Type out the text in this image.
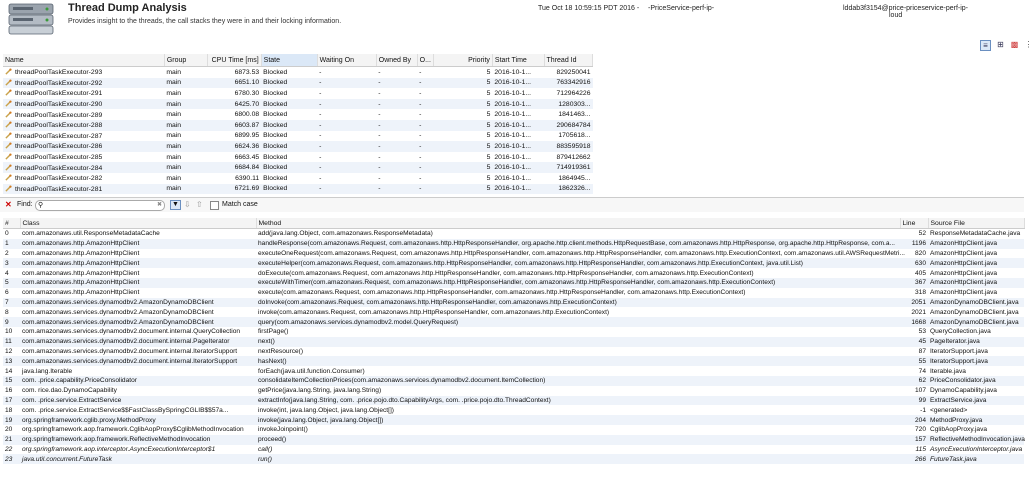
Thread Dump Analysis
Provides insight to the threads, the call stacks they were in and their locking information.
Tue Oct 18 10:59:15 PDT 2016 - -PriceService-perf-ip-	lddab3f3154@price-priceservice-perf-ip-loud
≡	⊞ ▩ ⋮
Name	Group	CPU Time [ms]	State	Waiting On	Owned By	O...	Priority	Start Time	Thread Id
threadPoolTaskExecutor-293	main	6873.53	Blocked	-	-	-	5	2016-10-1...	829250041
threadPoolTaskExecutor-292	main	6651.10	Blocked	-	-	-	5	2016-10-1...	763342916
threadPoolTaskExecutor-291	main	6780.30	Blocked	-	-	-	5	2016-10-1...	712964226
threadPoolTaskExecutor-290	main	6425.70	Blocked	-	-	-	5	2016-10-1...	1280303...
threadPoolTaskExecutor-289	main	6800.08	Blocked	-	-	-	5	2016-10-1...	1841463...
threadPoolTaskExecutor-288	main	6603.87	Blocked	-	-	-	5	2016-10-1...	290684784
threadPoolTaskExecutor-287	main	6899.95	Blocked	-	-	-	5	2016-10-1...	1705618...
threadPoolTaskExecutor-286	main	6624.36	Blocked	-	-	-	5	2016-10-1...	883595918
threadPoolTaskExecutor-285	main	6663.45	Blocked	-	-	-	5	2016-10-1...	879412662
threadPoolTaskExecutor-284	main	6684.84	Blocked	-	-	-	5	2016-10-1...	714919361
threadPoolTaskExecutor-282	main	6390.11	Blocked	-	-	-	5	2016-10-1...	1864945...
threadPoolTaskExecutor-281	main	6721.69	Blocked	-	-	-	5	2016-10-1...	1862326...
✕ Find: ⚲	✖ ▼ ⇩ ⇧	Match case
#	Class	Method	Line	Source File
0	com.amazonaws.util.ResponseMetadataCache	add(java.lang.Object, com.amazonaws.ResponseMetadata)	52	ResponseMetadataCache.java
1	com.amazonaws.http.AmazonHttpClient	handleResponse(com.amazonaws.Request, com.amazonaws.http.HttpResponseHandler, org.apache.http.client.methods.HttpRequestBase, com.amazonaws.http.HttpResponse, org.apache.http.HttpResponse, com.a...	1196	AmazonHttpClient.java
2	com.amazonaws.http.AmazonHttpClient	executeOneRequest(com.amazonaws.Request, com.amazonaws.http.HttpResponseHandler, com.amazonaws.http.HttpResponseHandler, com.amazonaws.http.ExecutionContext, com.amazonaws.util.AWSRequestMetri...	820	AmazonHttpClient.java
3	com.amazonaws.http.AmazonHttpClient	executeHelper(com.amazonaws.Request, com.amazonaws.http.HttpResponseHandler, com.amazonaws.http.HttpResponseHandler, com.amazonaws.http.ExecutionContext, java.util.List)	630	AmazonHttpClient.java
4	com.amazonaws.http.AmazonHttpClient	doExecute(com.amazonaws.Request, com.amazonaws.http.HttpResponseHandler, com.amazonaws.http.HttpResponseHandler, com.amazonaws.http.ExecutionContext)	405	AmazonHttpClient.java
5	com.amazonaws.http.AmazonHttpClient	executeWithTimer(com.amazonaws.Request, com.amazonaws.http.HttpResponseHandler, com.amazonaws.http.HttpResponseHandler, com.amazonaws.http.ExecutionContext)	367	AmazonHttpClient.java
6	com.amazonaws.http.AmazonHttpClient	execute(com.amazonaws.Request, com.amazonaws.http.HttpResponseHandler, com.amazonaws.http.HttpResponseHandler, com.amazonaws.http.ExecutionContext)	318	AmazonHttpClient.java
7	com.amazonaws.services.dynamodbv2.AmazonDynamoDBClient	doInvoke(com.amazonaws.Request, com.amazonaws.http.HttpResponseHandler, com.amazonaws.http.ExecutionContext)	2051	AmazonDynamoDBClient.java
8	com.amazonaws.services.dynamodbv2.AmazonDynamoDBClient	invoke(com.amazonaws.Request, com.amazonaws.http.HttpResponseHandler, com.amazonaws.http.ExecutionContext)	2021	AmazonDynamoDBClient.java
9	com.amazonaws.services.dynamodbv2.AmazonDynamoDBClient	query(com.amazonaws.services.dynamodbv2.model.QueryRequest)	1668	AmazonDynamoDBClient.java
10	com.amazonaws.services.dynamodbv2.document.internal.QueryCollection	firstPage()	53	QueryCollection.java
11	com.amazonaws.services.dynamodbv2.document.internal.PageIterator	next()	45	PageIterator.java
12	com.amazonaws.services.dynamodbv2.document.internal.IteratorSupport	nextResource()	87	IteratorSupport.java
13	com.amazonaws.services.dynamodbv2.document.internal.IteratorSupport	hasNext()	55	IteratorSupport.java
14	java.lang.Iterable	forEach(java.util.function.Consumer)	74	Iterable.java
15	com. .price.capability.PriceConsolidator	consolidateItemCollectionPrices(com.amazonaws.services.dynamodbv2.document.ItemCollection)	62	PriceConsolidator.java
16	com. rice.dao.DynamoCapability	getPrice(java.lang.String, java.lang.String)	107	DynamoCapability.java
17	com. .price.service.ExtractService	extractInfo(java.lang.String, com. .price.pojo.dto.CapabilityArgs, com. .price.pojo.dto.ThreadContext)	99	ExtractService.java
18	com. .price.service.ExtractService$$FastClassBySpringCGLIB$$57a...	invoke(int, java.lang.Object, java.lang.Object[])	-1	<generated>
19	org.springframework.cglib.proxy.MethodProxy	invoke(java.lang.Object, java.lang.Object[])	204	MethodProxy.java
20	org.springframework.aop.framework.CglibAopProxy$CglibMethodInvocation	invokeJoinpoint()	720	CglibAopProxy.java
21	org.springframework.aop.framework.ReflectiveMethodInvocation	proceed()	157	ReflectiveMethodInvocation.java
22	org.springframework.aop.interceptor.AsyncExecutionInterceptor$1	call()	115	AsyncExecutionInterceptor.java
23	java.util.concurrent.FutureTask	run()	266	FutureTask.java
